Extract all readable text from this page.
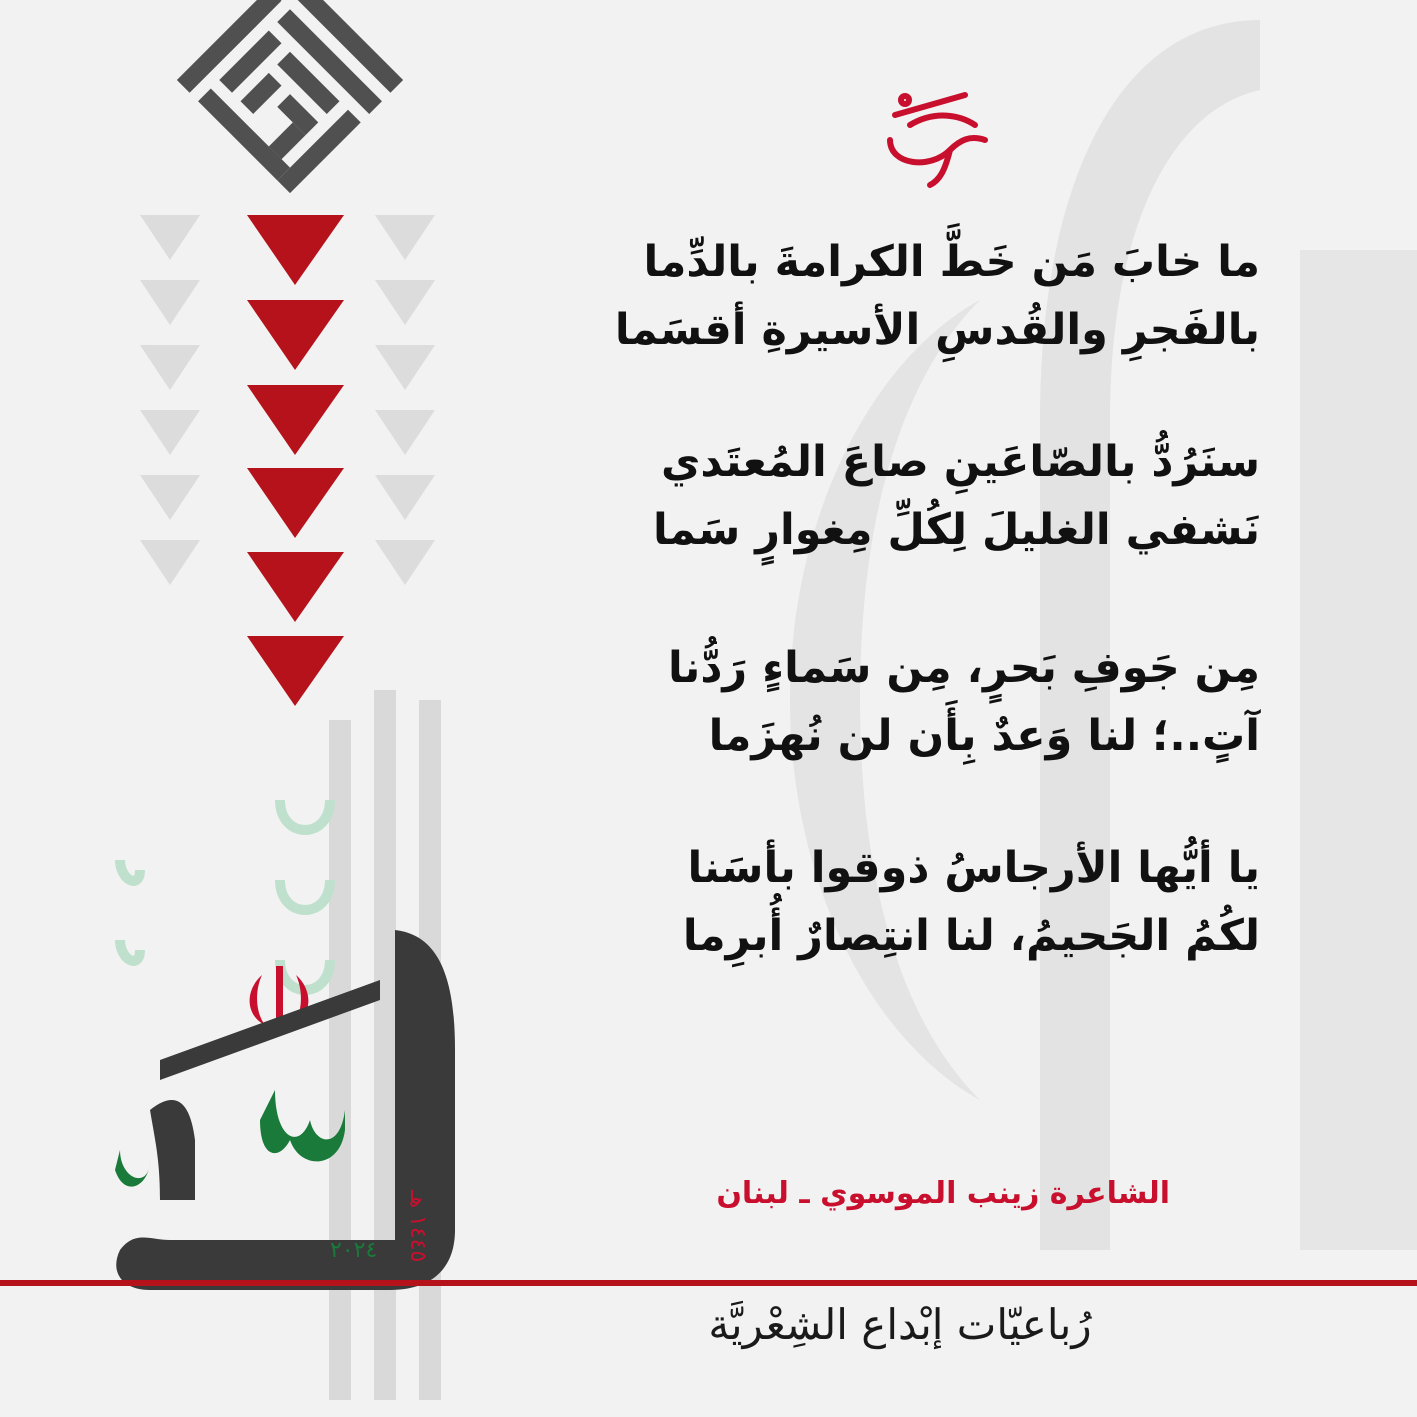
ما خابَ مَن خَطَّ الكرامةَ بالدِّما
بالفَجرِ والقُدسِ الأسيرةِ أقسَما
سنَرُدُّ بالصّاعَينِ صاعَ المُعتَدي
نَشفي الغليلَ لِكُلِّ مِغوارٍ سَما
مِن جَوفِ بَحرٍ، مِن سَماءٍ رَدُّنا
آتٍ..؛ لنا وَعدٌ بِأَن لن نُهزَما
يا أيُّها الأرجاسُ ذوقوا بأسَنا
لكُمُ الجَحيمُ، لنا انتِصارٌ أُبرِما
الشاعرة زينب الموسوي ـ لبنان
٢٠٢٤
١٤٤٥ هـ
رُباعيّات إبْداع الشِعْريَّة
